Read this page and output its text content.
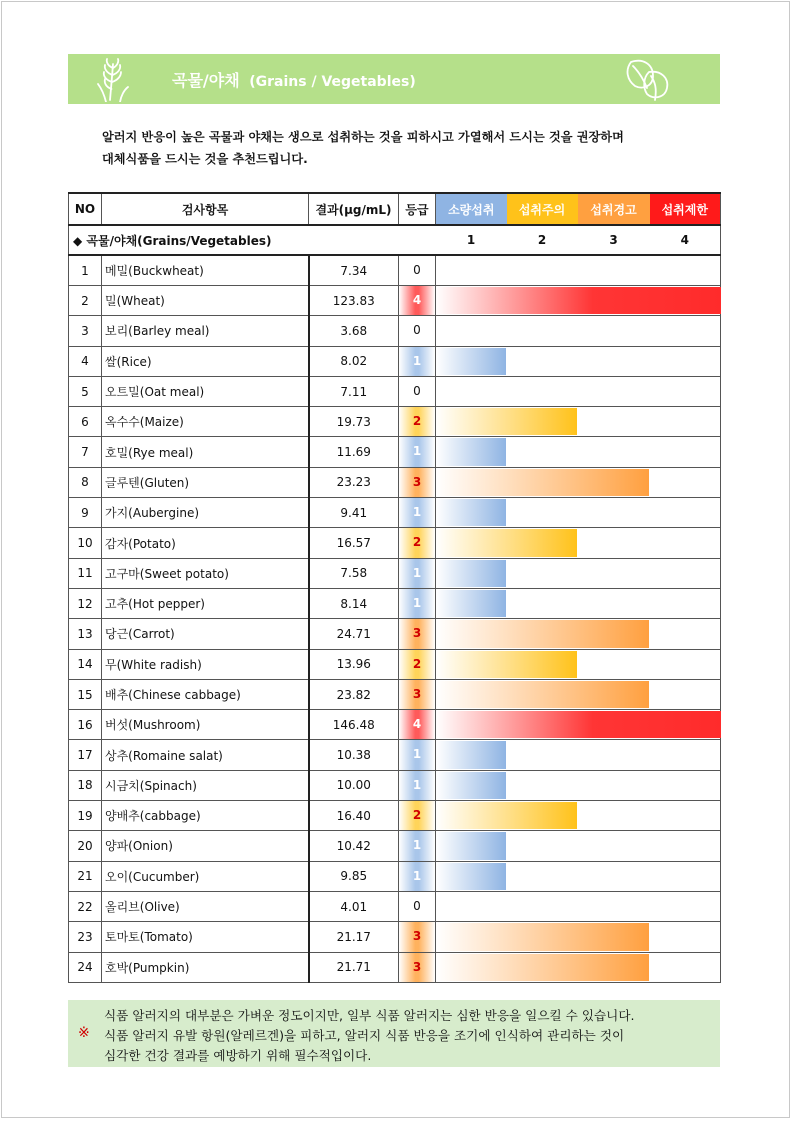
곡물/야채 (Grains / Vegetables)
알러지 반응이 높은 곡물과 야채는 생으로 섭취하는 것을 피하시고 가열해서 드시는 것을 권장하며
대체식품을 드시는 것을 추천드립니다.
NO	검사항목	결과(μg/mL)	등급	소량섭취	섭취주의	섭취경고	섭취제한
◆ 곡물/야채(Grains/Vegetables)				1	2	3	4
1	메밀(Buckwheat)	7.34	0				
2	밀(Wheat)	123.83	4				

3	보리(Barley meal)	3.68	0				
4	쌀(Rice)	8.02	1				

5	오트밀(Oat meal)	7.11	0				
6	옥수수(Maize)	19.73	2				

7	호밀(Rye meal)	11.69	1				

8	글루텐(Gluten)	23.23	3				

9	가지(Aubergine)	9.41	1				

10	감자(Potato)	16.57	2				

11	고구마(Sweet potato)	7.58	1				

12	고추(Hot pepper)	8.14	1				

13	당근(Carrot)	24.71	3				

14	무(White radish)	13.96	2				

15	배추(Chinese cabbage)	23.82	3				

16	버섯(Mushroom)	146.48	4				

17	상추(Romaine salat)	10.38	1				

18	시금치(Spinach)	10.00	1				

19	양배추(cabbage)	16.40	2				

20	양파(Onion)	10.42	1				

21	오이(Cucumber)	9.85	1				

22	올리브(Olive)	4.01	0				
23	토마토(Tomato)	21.17	3				

24	호박(Pumpkin)	21.71	3				
※
식품 알러지의 대부분은 가벼운 정도이지만, 일부 식품 알러지는 심한 반응을 일으킬 수 있습니다.
식품 알러지 유발 항원(알레르겐)을 피하고, 알러지 식품 반응을 조기에 인식하여 관리하는 것이
심각한 건강 결과를 예방하기 위해 필수적입이다.
